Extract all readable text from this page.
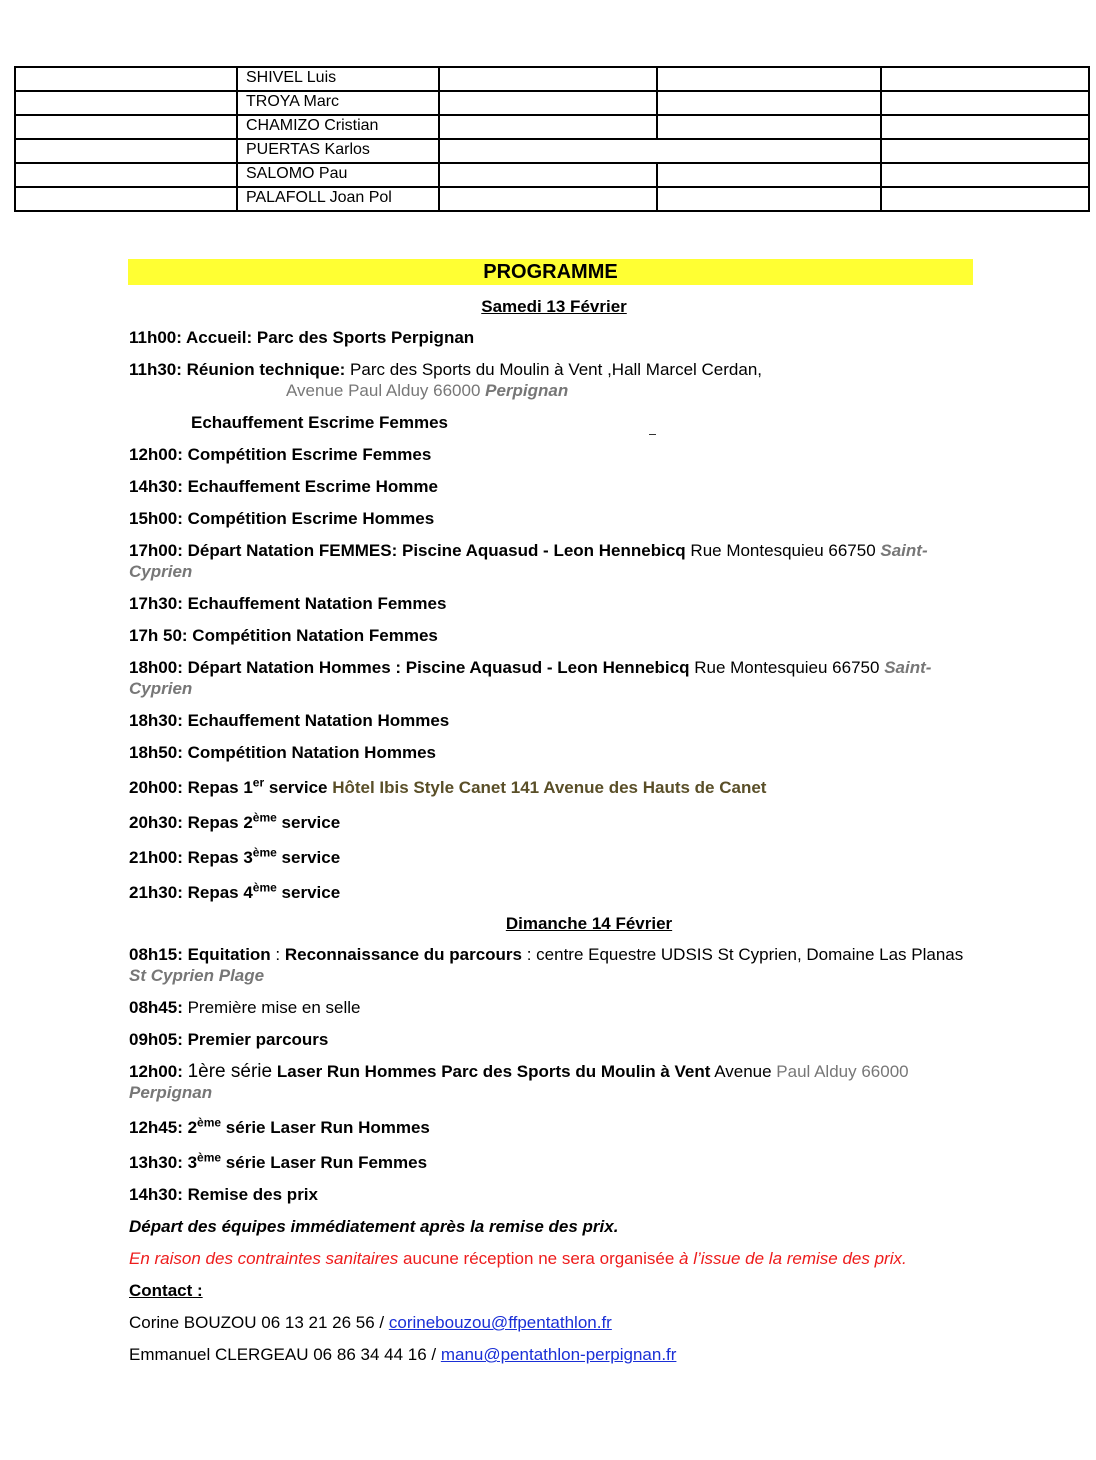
	SHIVEL Luis			
	TROYA Marc			
	CHAMIZO Cristian			
	PUERTAS Karlos			
	SALOMO Pau			
	PALAFOLL Joan Pol			
PROGRAMME
Samedi 13 Février
11h00: Accueil: Parc des Sports Perpignan
11h30: Réunion technique: Parc des Sports du Moulin à Vent ,Hall Marcel Cerdan,
Avenue Paul Alduy 66000 Perpignan
Echauffement Escrime Femmes
12h00: Compétition Escrime Femmes
14h30: Echauffement Escrime Homme
15h00: Compétition Escrime Hommes
17h00: Départ Natation FEMMES: Piscine Aquasud - Leon Hennebicq Rue Montesquieu 66750 Saint-Cyprien
17h30: Echauffement Natation Femmes
17h 50: Compétition Natation Femmes
18h00: Départ Natation Hommes : Piscine Aquasud - Leon Hennebicq Rue Montesquieu 66750 Saint-Cyprien
18h30: Echauffement Natation Hommes
18h50: Compétition Natation Hommes
20h00: Repas 1er service Hôtel Ibis Style Canet 141 Avenue des Hauts de Canet
20h30: Repas 2ème service
21h00: Repas 3ème service
21h30: Repas 4ème service
Dimanche 14 Février
08h15: Equitation : Reconnaissance du parcours : centre Equestre UDSIS St Cyprien, Domaine Las Planas St Cyprien Plage
08h45: Première mise en selle
09h05: Premier parcours
12h00: 1ère série Laser Run Hommes Parc des Sports du Moulin à Vent Avenue Paul Alduy 66000 Perpignan
12h45: 2ème série Laser Run Hommes
13h30: 3ème série Laser Run Femmes
14h30: Remise des prix
Départ des équipes immédiatement après la remise des prix.
En raison des contraintes sanitaires aucune réception ne sera organisée à l’issue de la remise des prix.
Contact :
Corine BOUZOU 06 13 21 26 56 / corinebouzou@ffpentathlon.fr
Emmanuel CLERGEAU 06 86 34 44 16 / manu@pentathlon-perpignan.fr
